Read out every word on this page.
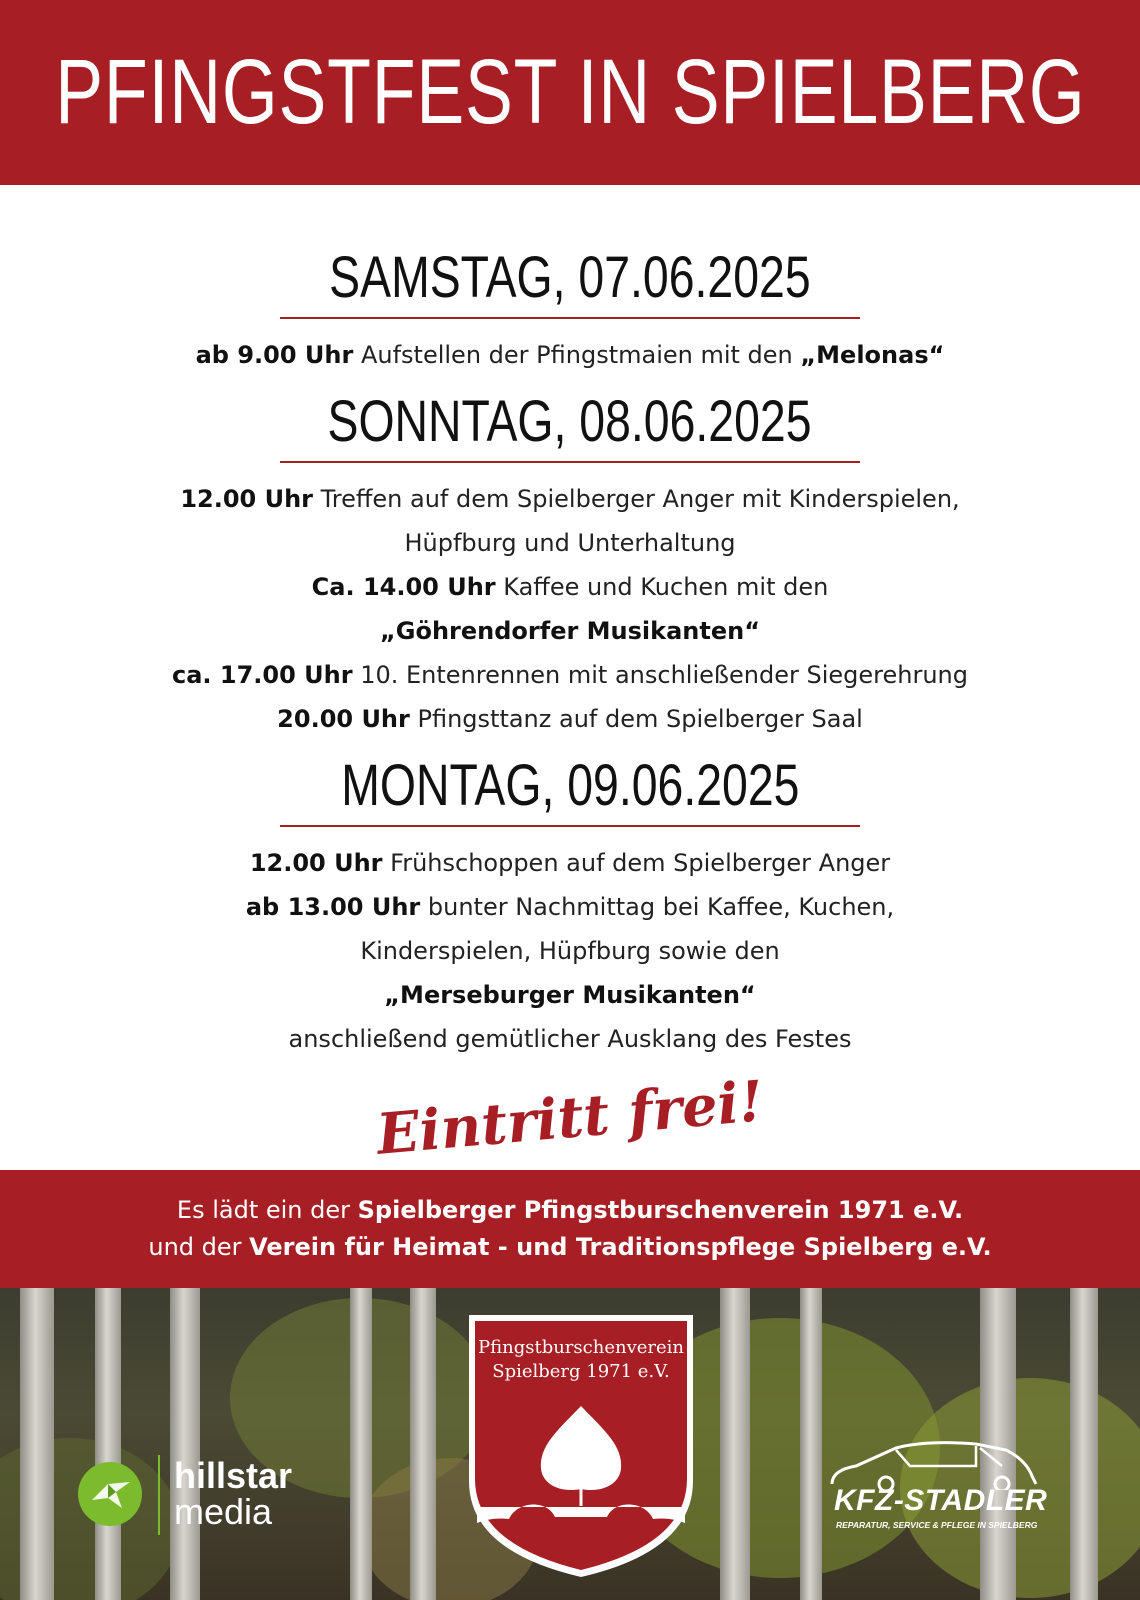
PFINGSTFEST IN SPIELBERG
SAMSTAG, 07.06.2025
ab 9.00 Uhr Aufstellen der Pfingstmaien mit den „Melonas“
SONNTAG, 08.06.2025
12.00 Uhr Treffen auf dem Spielberger Anger mit Kinderspielen,
Hüpfburg und Unterhaltung
Ca. 14.00 Uhr Kaffee und Kuchen mit den
„Göhrendorfer Musikanten“
ca. 17.00 Uhr 10. Entenrennen mit anschließender Siegerehrung
20.00 Uhr Pfingsttanz auf dem Spielberger Saal
MONTAG, 09.06.2025
12.00 Uhr Frühschoppen auf dem Spielberger Anger
ab 13.00 Uhr bunter Nachmittag bei Kaffee, Kuchen,
Kinderspielen, Hüpfburg sowie den
„Merseburger Musikanten“
anschließend gemütlicher Ausklang des Festes
Eintritt frei!
Es lädt ein der Spielberger Pfingstburschenverein 1971 e.V.
und der Verein für Heimat - und Traditionspflege Spielberg e.V.
Pfingstburschenverein
Spielberg 1971 e.V.
hillstar
media	KFZ-STADLER
REPARATUR, SERVICE & PFLEGE IN SPIELBERG
